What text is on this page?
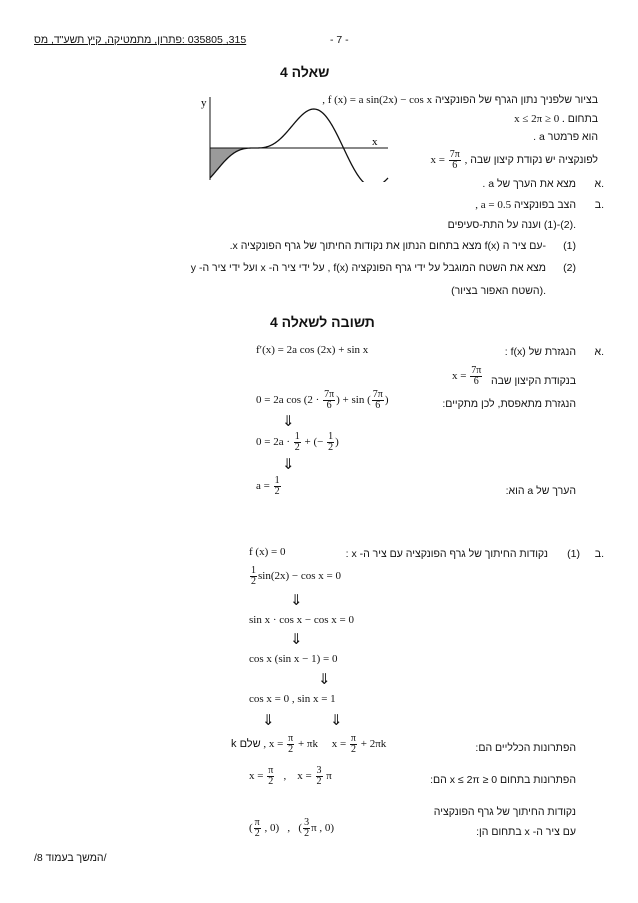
315, 035805 :פתרון, מתמטיקה, קיץ תשע"ד, מס	- 7 -
שאלה 4
x
y	בציור שלפניך נתון הגרף של הפונקציה f (x) = a sin(2x) − cos x ,
בתחום . 0 ≤ x ≤ 2π
. a הוא פרמטר
לפונקציה יש נקודת קיצון שבה $x = \frac{7\pi}{6}$ ,
.א
. a מצא את הערך של
.ב
הצב בפונקציה a = 0.5 ,
.(2)-(1) וענה על התת-סעיפים
(1)
.x מצא בתחום הנתון את נקודות החיתוך של גרף הפונקציה f(x) עם ציר ה-
(2)
מצא את השטח המוגבל על ידי גרף הפונקציה f(x) , על ידי ציר ה- x ועל ידי ציר ה- y
.(השטח האפור בציור)
תשובה לשאלה 4
.א
: f(x) הנגזרת של
f′(x) = 2a cos (2x) + sin x
בנקודת הקיצון שבה
$x = \frac{7\pi}{6}$
הנגזרת מתאפסת, לכן מתקיים:
0 = 2a $\cos (2 \cdot \frac{7\pi}{6}$ ) + sin ( $\frac{7\pi}{6}$ )
⇓
$0 = 2a \cdot \frac{1}{2}$ + (− $\frac{1}{2}$ )
⇓
הערך של a הוא:
$a = \frac{1}{2}$
.ב
(1)
נקודות החיתוך של גרף הפונקציה עם ציר ה- x :
f (x) = 0
$\frac{1}{2} \sin(2x) - \cos x = 0$
⇓
sin x · cos x − cos x = 0
⇓
cos x (sin x − 1) = 0
⇓
cos x = 0 , sin x = 1
⇓	⇓
הפתרונות הכלליים הם:
k שלם , $x = \frac{\pi}{2} + \pi k$     $x = \frac{\pi}{2} + 2\pi k$
הפתרונות בתחום 0 ≤ x ≤ 2π הם:
$x = \frac{\pi}{2}$ ,    $x = \frac{3}{2}$ π
נקודות החיתוך של גרף הפונקציה
עם ציר ה- x בתחום הן:
( $\frac{\pi}{2}$ , 0)   ,   ( $\frac{3}{2}$ π , 0)
/המשך בעמוד 8/
